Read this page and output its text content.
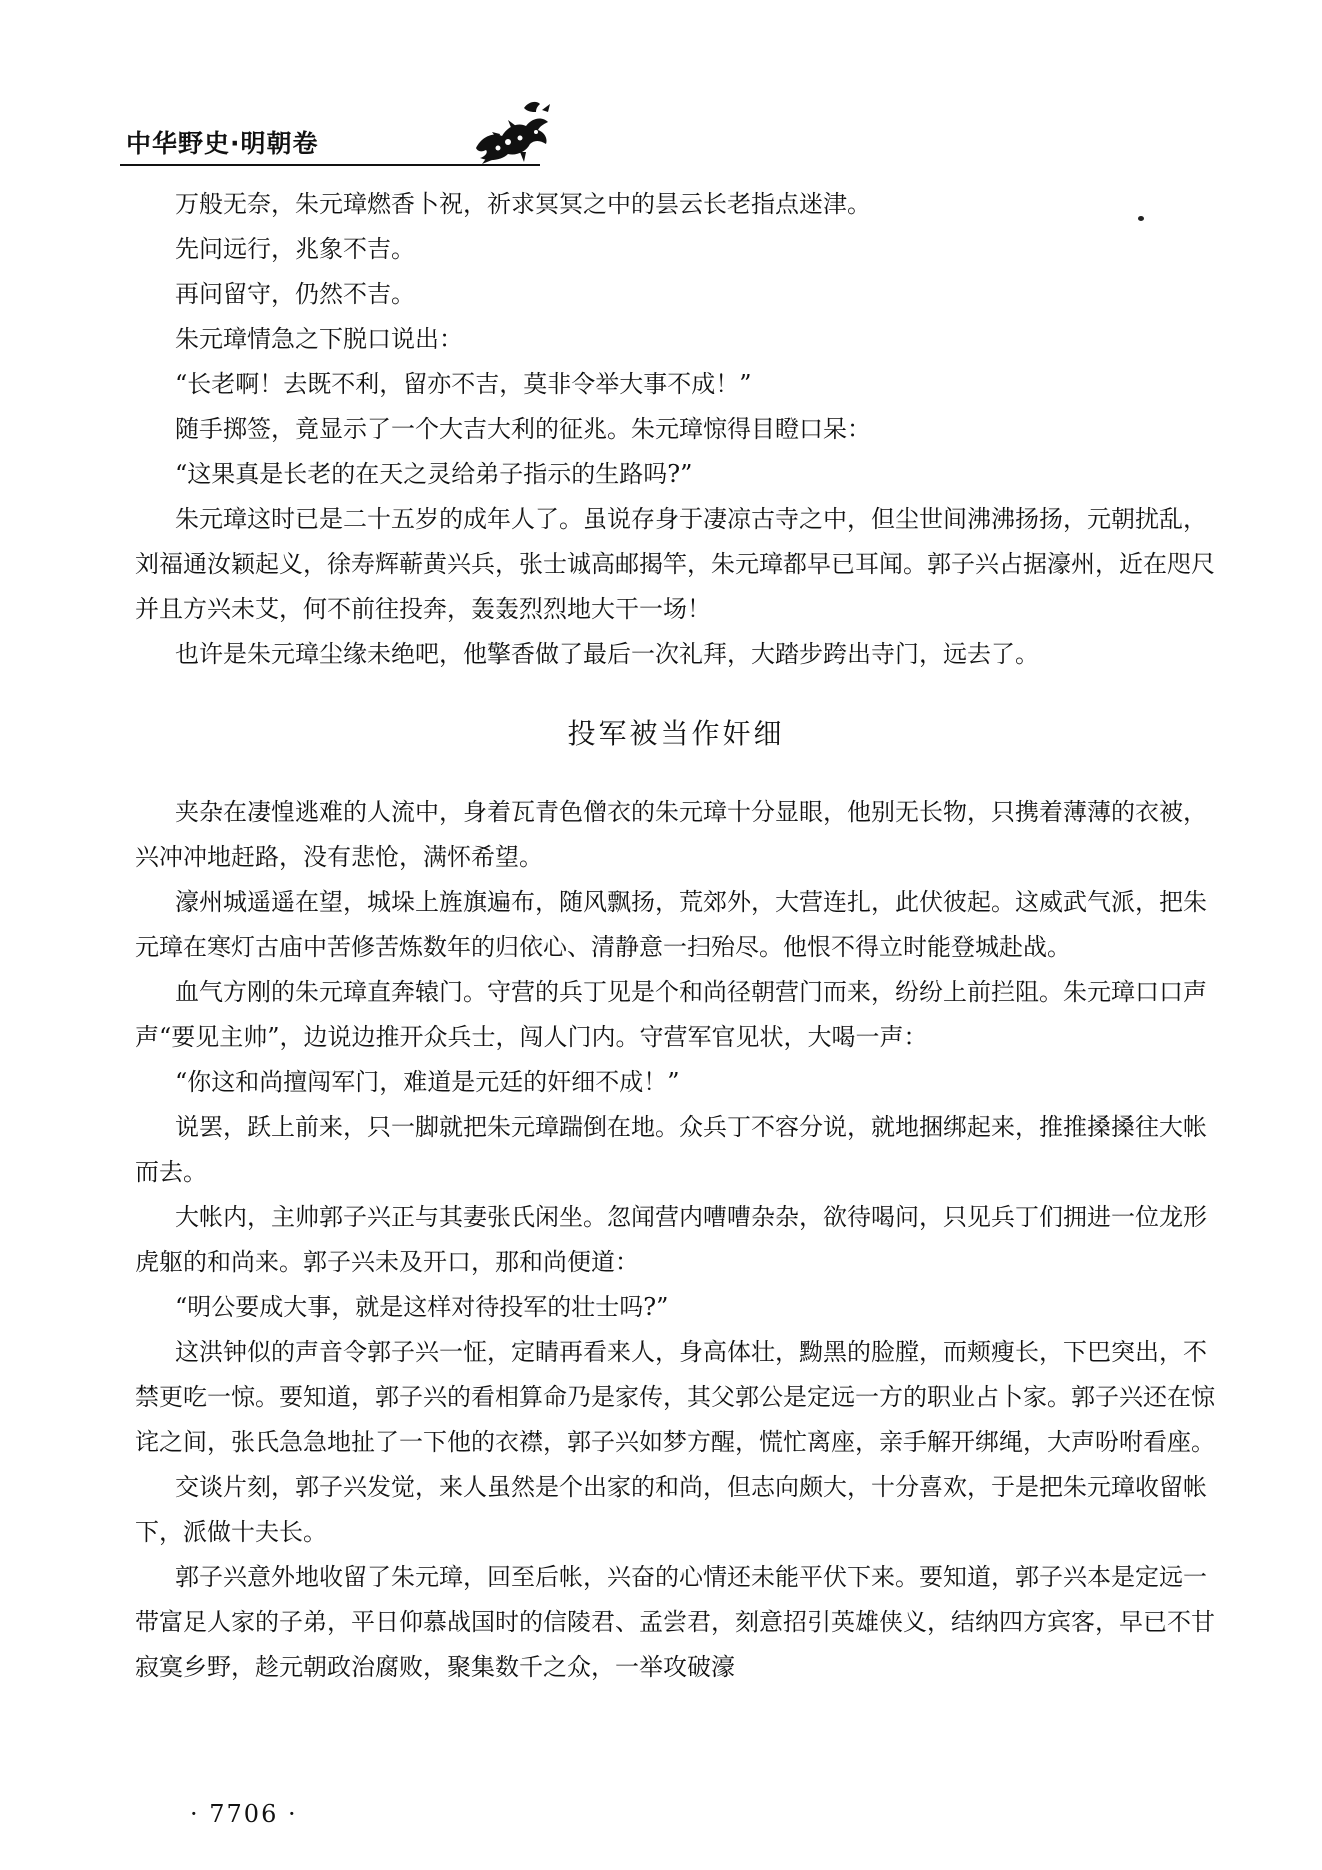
中华野史·明朝卷

万般无奈，朱元璋燃香卜祝，祈求冥冥之中的昙云长老指点迷津。

先问远行，兆象不吉。

再问留守，仍然不吉。

朱元璋情急之下脱口说出：

“长老啊！去既不利，留亦不吉，莫非令举大事不成！”

随手掷签，竟显示了一个大吉大利的征兆。朱元璋惊得目瞪口呆：

“这果真是长老的在天之灵给弟子指示的生路吗?”

朱元璋这时已是二十五岁的成年人了。虽说存身于凄凉古寺之中，但尘世间沸沸扬扬，元朝扰乱，刘福通汝颖起义，徐寿辉蕲黄兴兵，张士诚高邮揭竿，朱元璋都早已耳闻。郭子兴占据濠州，近在咫尺并且方兴未艾，何不前往投奔，轰轰烈烈地大干一场！

也许是朱元璋尘缘未绝吧，他擎香做了最后一次礼拜，大踏步跨出寺门，远去了。

投军被当作奸细

夹杂在凄惶逃难的人流中，身着瓦青色僧衣的朱元璋十分显眼，他别无长物，只携着薄薄的衣被，兴冲冲地赶路，没有悲怆，满怀希望。

濠州城遥遥在望，城垛上旌旗遍布，随风飘扬，荒郊外，大营连扎，此伏彼起。这威武气派，把朱元璋在寒灯古庙中苦修苦炼数年的归依心、清静意一扫殆尽。他恨不得立时能登城赴战。

血气方刚的朱元璋直奔辕门。守营的兵丁见是个和尚径朝营门而来，纷纷上前拦阻。朱元璋口口声声“要见主帅”，边说边推开众兵士，闯人门内。守营军官见状，大喝一声：

“你这和尚擅闯军门，难道是元廷的奸细不成！”

说罢，跃上前来，只一脚就把朱元璋踹倒在地。众兵丁不容分说，就地捆绑起来，推推搡搡往大帐而去。

大帐内，主帅郭子兴正与其妻张氏闲坐。忽闻营内嘈嘈杂杂，欲待喝问，只见兵丁们拥进一位龙形虎躯的和尚来。郭子兴未及开口，那和尚便道：

“明公要成大事，就是这样对待投军的壮士吗?”

这洪钟似的声音令郭子兴一怔，定睛再看来人，身高体壮，黝黑的脸膛，而颊瘦长，下巴突出，不禁更吃一惊。要知道，郭子兴的看相算命乃是家传，其父郭公是定远一方的职业占卜家。郭子兴还在惊诧之间，张氏急急地扯了一下他的衣襟，郭子兴如梦方醒，慌忙离座，亲手解开绑绳，大声吩咐看座。

交谈片刻，郭子兴发觉，来人虽然是个出家的和尚，但志向颇大，十分喜欢，于是把朱元璋收留帐下，派做十夫长。

郭子兴意外地收留了朱元璋，回至后帐，兴奋的心情还未能平伏下来。要知道，郭子兴本是定远一带富足人家的子弟，平日仰慕战国时的信陵君、孟尝君，刻意招引英雄侠义，结纳四方宾客，早已不甘寂寞乡野，趁元朝政治腐败，聚集数千之众，一举攻破濠

· 7706 ·
